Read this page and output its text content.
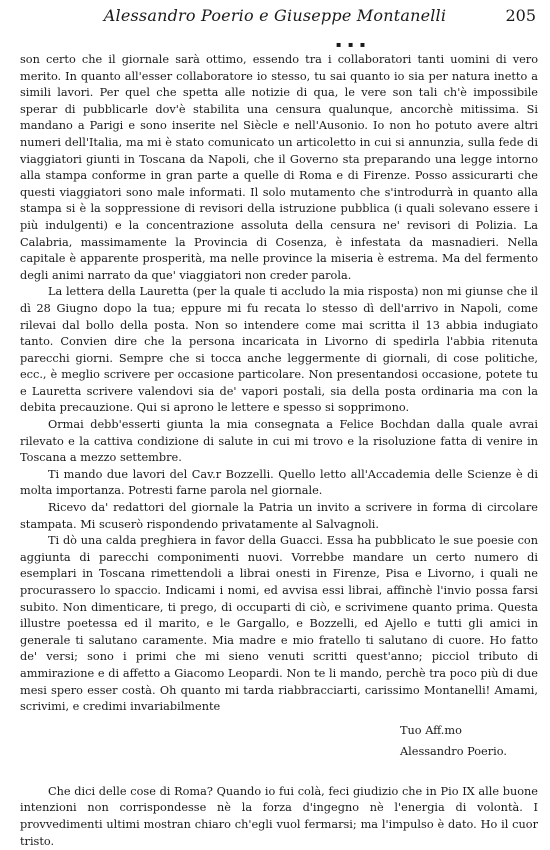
Alessandro Poerio e Giuseppe Montanelli	205
▪ ▪ ▪

son certo che il giornale sarà ottimo, essendo tra i collaboratori tanti uomini di vero merito. In quanto all'esser collaboratore io stesso, tu sai quanto io sia per natura inetto a simili lavori. Per quel che spetta alle notizie di qua, le vere son tali ch'è impossibile sperar di pubblicarle dov'è stabilita una censura qualunque, ancorchè mitissima. Si mandano a Parigi e sono inserite nel Siècle e nell'Ausonio. Io non ho potuto avere altri numeri dell'Italia, ma mi è stato comunicato un articoletto in cui si annunzia, sulla fede di viaggiatori giunti in Toscana da Napoli, che il Governo sta preparando una legge intorno alla stampa conforme in gran parte a quelle di Roma e di Firenze. Posso assicurarti che questi viaggiatori sono male informati. Il solo mutamento che s'introdurrà in quanto alla stampa si è la soppressione di revisori della istruzione pubblica (i quali solevano essere i più indulgenti) e la concentrazione assoluta della censura ne' revisori di Polizia. La Calabria, massimamente la Provincia di Cosenza, è infestata da masnadieri. Nella capitale è apparente prosperità, ma nelle province la miseria è estrema. Ma del fermento degli animi narrato da que' viaggiatori non creder parola.

La lettera della Lauretta (per la quale ti accludo la mia risposta) non mi giunse che il dì 28 Giugno dopo la tua; eppure mi fu recata lo stesso dì dell'arrivo in Napoli, come rilevai dal bollo della posta. Non so intendere come mai scritta il 13 abbia indugiato tanto. Convien dire che la persona incaricata in Livorno di spedirla l'abbia ritenuta parecchi giorni. Sempre che si tocca anche leggermente di giornali, di cose politiche, ecc., è meglio scrivere per occasione particolare. Non presentandosi occasione, potete tu e Lauretta scrivere valendovi sia de' vapori postali, sia della posta ordinaria ma con la debita precauzione. Qui si aprono le lettere e spesso si sopprimono.

Ormai debb'esserti giunta la mia consegnata a Felice Bochdan dalla quale avrai rilevato e la cattiva condizione di salute in cui mi trovo e la risoluzione fatta di venire in Toscana a mezzo settembre.

Ti mando due lavori del Cav.r Bozzelli. Quello letto all'Accademia delle Scienze è di molta importanza. Potresti farne parola nel giornale.

Ricevo da' redattori del giornale la Patria un invito a scrivere in forma di circolare stampata. Mi scuserò rispondendo privatamente al Salvagnoli.

Ti dò una calda preghiera in favor della Guacci. Essa ha pubblicato le sue poesie con aggiunta di parecchi componimenti nuovi. Vorrebbe mandare un certo numero di esemplari in Toscana rimettendoli a librai onesti in Firenze, Pisa e Livorno, i quali ne procurassero lo spaccio. Indicami i nomi, ed avvisa essi librai, affinchè l'invio possa farsi subito. Non dimenticare, ti prego, di occuparti di ciò, e scrivimene quanto prima. Questa illustre poetessa ed il marito, e le Gargallo, e Bozzelli, ed Ajello e tutti gli amici in generale ti salutano caramente. Mia madre e mio fratello ti salutano di cuore. Ho fatto de' versi; sono i primi che mi sieno venuti scritti quest'anno; picciol tributo di ammirazione e di affetto a Giacomo Leopardi. Non te li mando, perchè tra poco più di due mesi spero esser costà. Oh quanto mi tarda riabbracciarti, carissimo Montanelli! Amami, scrivimi, e credimi invariabilmente

Tuo Aff.mo

Alessandro Poerio.

Che dici delle cose di Roma? Quando io fui colà, feci giudizio che in Pio IX alle buone intenzioni non corrispondesse nè la forza d'ingegno nè l'energia di volontà. I provvedimenti ultimi mostran chiaro ch'egli vuol fermarsi; ma l'impulso è dato. Ho il cuor tristo.
